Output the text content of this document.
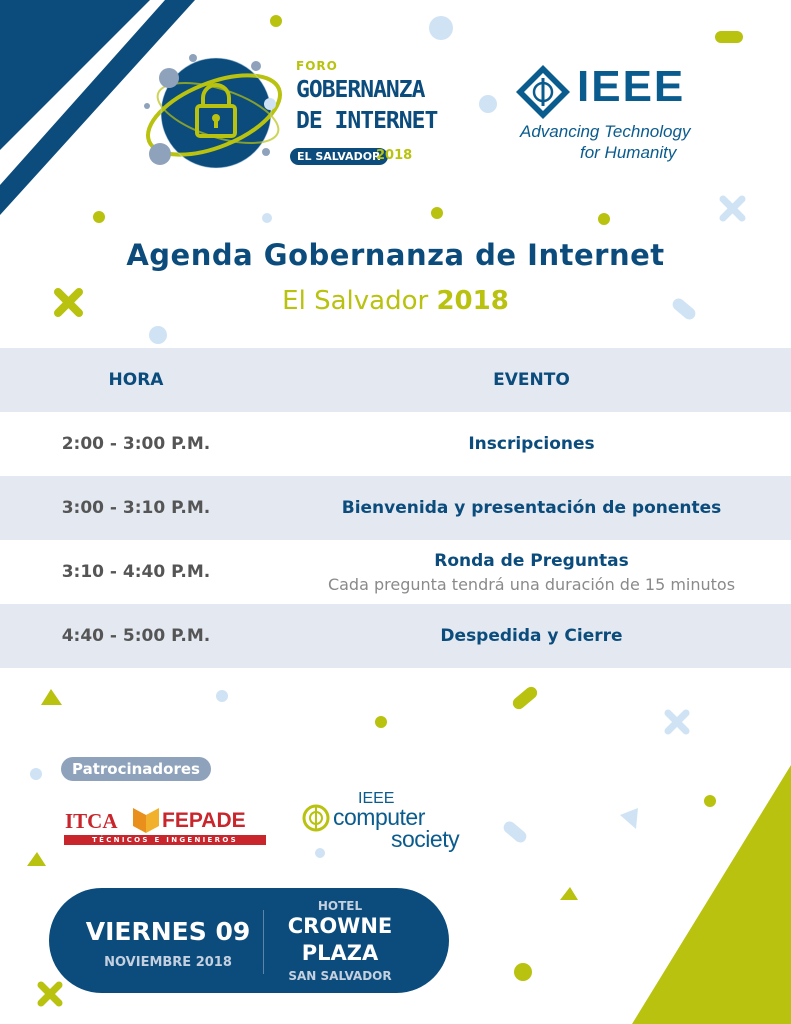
FORO
GOBERNANZA
DE INTERNET
EL SALVADOR
2018
IEEE
Advancing Technology
for Humanity
Agenda Gobernanza de Internet
El Salvador 2018
HORA	EVENTO
2:00 - 3:00 P.M.	Inscripciones

3:00 - 3:10 P.M.	Bienvenida y presentación de ponentes

3:10 - 4:40 P.M.	Ronda de Preguntas
Cada pregunta tendrá una duración de 15 minutos

4:40 - 5:00 P.M.	Despedida y Cierre
Patrocinadores
ITCA FEPADE
TÉCNICOS E INGENIEROS
IEEE
computer
society
VIERNES 09
NOVIEMBRE 2018
HOTEL
CROWNE
PLAZA
SAN SALVADOR
